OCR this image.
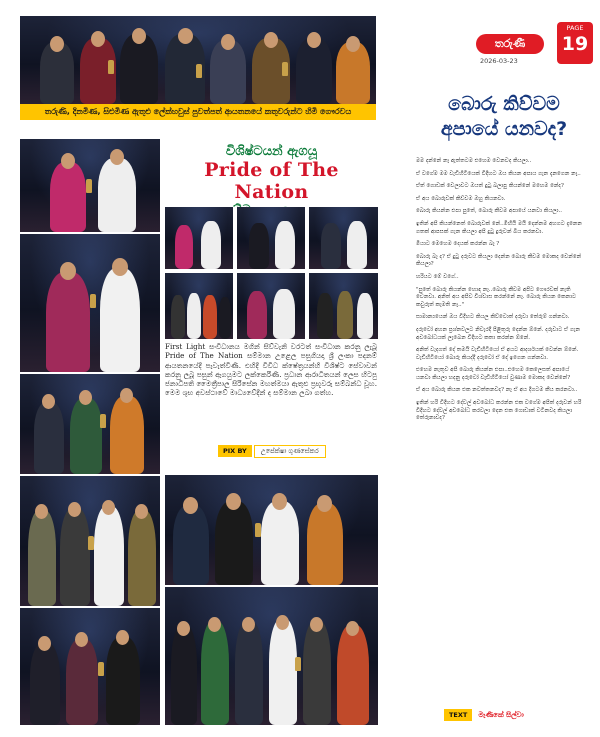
තරුණි, දිනමිණ, සිළුමිණ ඇතුළු ලේක්හවුස් පුවත්පත් ආයතනයේ කතුවරුන්ට හිමි ගෞරවය
විශිෂ්ටයන් ඇගයූ
Pride of The Nation
First Light සංවිධානය මගින් සිව්වැනි වරටත් සංවිධාන කරනු ලැබූ Pride of The Nation සම්මාන උළෙල පසුගියදා ශ්‍රී ලංකා පදනම් ආයතනයේදී පැවැත්විණි. එහිදී විවිධ ක්ෂේත්‍රයන්හි විශිෂ්ට සේවාවන් කරනු ලබූ පසුන් ඇගයුමට ලක්කෙරිණි. ප්‍රධාන ආරාධිතයන් ලෙස හිටපු ජනාධිපති මෛත්‍රීපාල සිරිසේන මහත්මයා ඇතුළු ප්‍රභූවරු සම්බන්ධ වූහ. මෙම ශුභ අවස්ථාවේ මාධ්‍යවේදීන් ද සම්මාන ලබා ගත්හ.
PIX BY	උපේක්ෂා ගුණසේකර
තරුණී
2026-03-23
PAGE
19
බොරු කිව්වම
අපායේ යනවද?

මම දන්නේ නෑ ඇත්තටම එහෙම වෙනවද කියලා..

ඒ වගේම මම වැඩිහිටියෙක් විදිහට ඔය කියන අපාය ගැන දැනගෙන නෑ..

ඒත් ගොඩක් වෙලාවට ඔයත් දුටු බලාපු කියන්නේ මහෙම නේද?

ඒ අය බොරුවක් කිව්වම ඔහු කියනවා.

බොරු කියන්න එපා පුතේ, බොරු කීවම අපායේ යනවා කියලා..

ඉතින් අපි කියන්නෙත් බොරුවක් නේ..මිහියි මයි දෙන්නම අහගට දැනෙන ගතක් ආපසක් ගැන කියලා අපි දුටු දුරුවන් බිය කරනවා.

මියාට මෙහෙම දෙයක් කරන්න බෑ ?

බොරු බෑ ද? ඒ දුටු දරුවට කියලා දෙන්න බොරු කීවම මොකද වෙන්නේ කියලා?

හරියට මේ වගේ..

"පුතේ බොරු කියන්න හොඳ නෑ..බොරු කීවම අපිට ගෞරවක් නැති වෙනවා. අනිත් අය අපිව විශ්වාස කරන්නේ නෑ. බොරු කියන කෙනාට කවුරුත් කැමති නෑ.."

සාමාන්‍යයෙන් ඔය විදිහට කියල කිව්වොත් දරුවා තේරුම් ගන්නවා.

දරුවෝ අහන ප්‍රශ්නවලට නිවැරදි පිළිතුරු දෙන්න ඕනේ. දරුවාට ඒ ගැන අවබෝධයක් ලැබෙන විදිහට කතා කරන්න ඕනේ.

අනිත් වැදගත් දේ තමයි වැඩිහිටියෝ ඒ අයට ආදර්ශයක් වෙන්න ඕනේ. වැඩිහිටියෝ බොරු කියද්දී දරුවෝ ඒ දේ ඉගෙන ගන්නවා.

එහෙම නැතුව අපි බොරු කියන්න එපා..එහෙම කෙලෙසත් අපායේ යනවා කියලා හදනු දරුවෝ වැඩිහිටියෝ වුණාම මොකද වෙන්නේ?

ඒ අය බොරු කියන එක නවත්තනවද? නෑ ඒ අය දිගටම කීය කරනවා..

ඉතින් හරි විදිහට දේවල් අවබෝධ කරන්න එක වගේම අපිත් දරුවන් හරි විදිහට දේවල් අවබෝධ කරවලා දෙන එක ගොඩාක් වටිනවද කියලා තේරුනාවද?

TEXT	මැණිකේ සිල්වා
